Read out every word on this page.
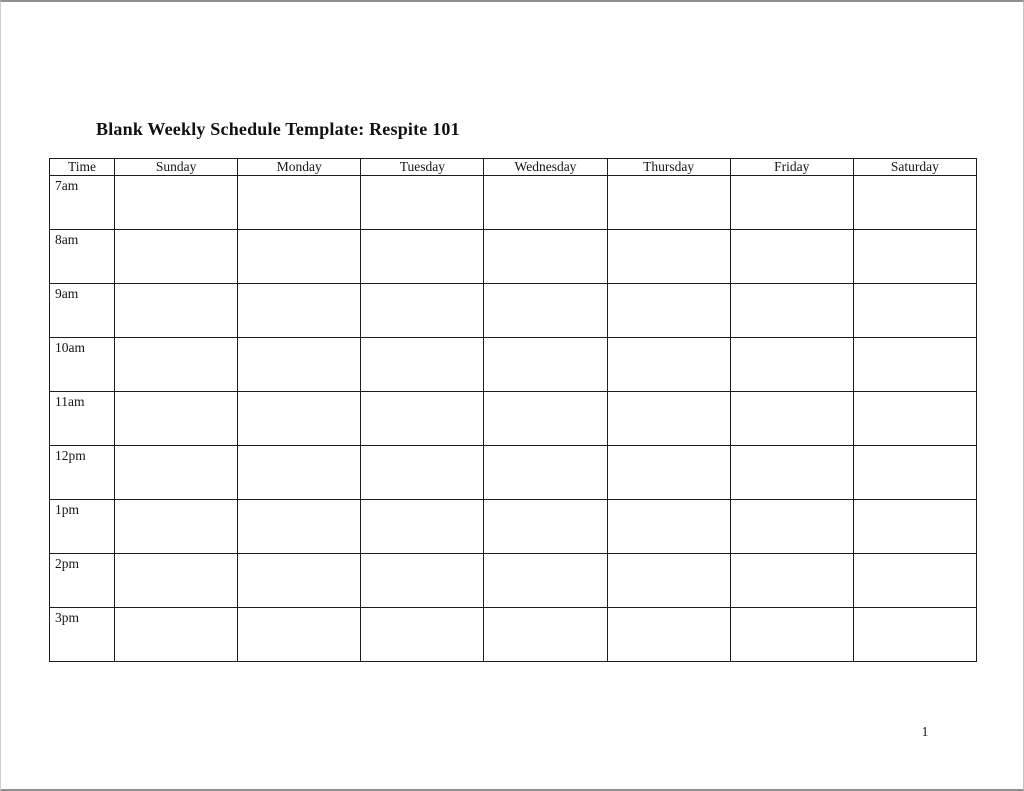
Blank Weekly Schedule Template: Respite 101
Time	Sunday	Monday	Tuesday	Wednesday	Thursday	Friday	Saturday
7am							
8am							
9am							
10am							
11am							
12pm							
1pm							
2pm							
3pm							
1
